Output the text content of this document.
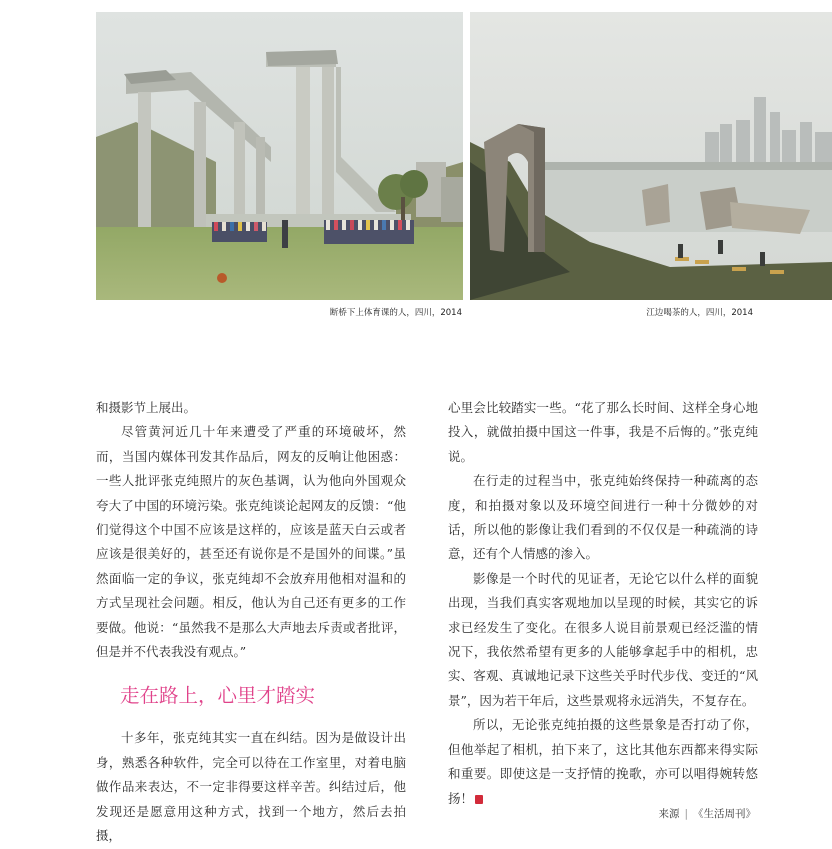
断桥下上体育课的人，四川，2014	江边喝茶的人，四川，2014

和摄影节上展出。

尽管黄河近几十年来遭受了严重的环境破坏，然而，当国内媒体刊发其作品后，网友的反响让他困惑：一些人批评张克纯照片的灰色基调，认为他向外国观众夸大了中国的环境污染。张克纯谈论起网友的反馈：“他们觉得这个中国不应该是这样的，应该是蓝天白云或者应该是很美好的，甚至还有说你是不是国外的间谍。”虽然面临一定的争议，张克纯却不会放弃用他相对温和的方式呈现社会问题。相反，他认为自己还有更多的工作要做。他说：“虽然我不是那么大声地去斥责或者批评，但是并不代表我没有观点。”

走在路上，心里才踏实

十多年，张克纯其实一直在纠结。因为是做设计出身，熟悉各种软件，完全可以待在工作室里，对着电脑做作品来表达，不一定非得要这样辛苦。纠结过后，他发现还是愿意用这种方式，找到一个地方，然后去拍摄，

心里会比较踏实一些。“花了那么长时间、这样全身心地投入，就做拍摄中国这一件事，我是不后悔的。”张克纯说。

在行走的过程当中，张克纯始终保持一种疏离的态度，和拍摄对象以及环境空间进行一种十分微妙的对话，所以他的影像让我们看到的不仅仅是一种疏淌的诗意，还有个人情感的渗入。

影像是一个时代的见证者，无论它以什么样的面貌出现，当我们真实客观地加以呈现的时候，其实它的诉求已经发生了变化。在很多人说目前景观已经泛滥的情况下，我依然希望有更多的人能够拿起手中的相机，忠实、客观、真诚地记录下这些关乎时代步伐、变迁的“风景”，因为若干年后，这些景观将永远消失，不复存在。

所以，无论张克纯拍摄的这些景象是否打动了你，但他举起了相机，拍下来了，这比其他东西都来得实际和重要。即使这是一支抒情的挽歌，亦可以唱得婉转悠扬！

来源 | 《生活周刊》
